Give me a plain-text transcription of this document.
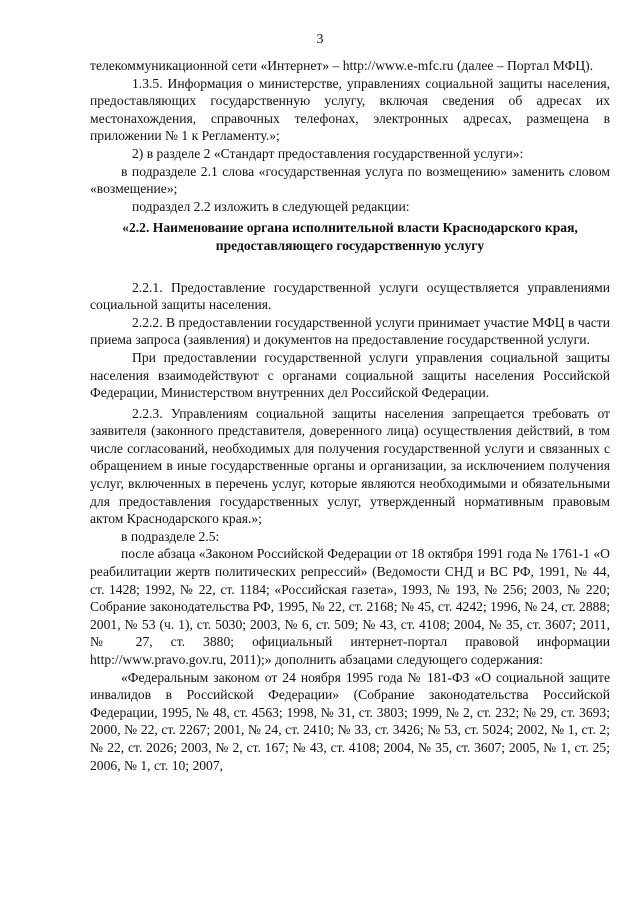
3

телекоммуникационной сети «Интернет» – http://www.e-mfc.ru (далее – Портал МФЦ).

1.3.5. Информация о министерстве, управлениях социальной защиты населения, предоставляющих государственную услугу, включая сведения об адресах их местонахождения, справочных телефонах, электронных адресах, размещена в приложении № 1 к Регламенту.»;

2) в разделе 2 «Стандарт предоставления государственной услуги»:

в подразделе 2.1 слова «государственная услуга по возмещению» заменить словом «возмещение»;

подраздел 2.2 изложить в следующей редакции:

«2.2. Наименование органа исполнительной власти Краснодарского края, предоставляющего государственную услугу

2.2.1. Предоставление государственной услуги осуществляется управлениями социальной защиты населения.

2.2.2. В предоставлении государственной услуги принимает участие МФЦ в части приема запроса (заявления) и документов на предоставление государственной услуги.

При предоставлении государственной услуги управления социальной защиты населения взаимодействуют с органами социальной защиты населения Российской Федерации, Министерством внутренних дел Российской Федерации.

2.2.3. Управлениям социальной защиты населения запрещается требовать от заявителя (законного представителя, доверенного лица) осуществления действий, в том числе согласований, необходимых для получения государственной услуги и связанных с обращением в иные государственные органы и организации, за исключением получения услуг, включенных в перечень услуг, которые являются необходимыми и обязательными для предоставления государственных услуг, утвержденный нормативным правовым актом Краснодарского края.»;

в подразделе 2.5:

после абзаца «Законом Российской Федерации от 18 октября 1991 года № 1761-1 «О реабилитации жертв политических репрессий» (Ведомости СНД и ВС РФ, 1991, № 44, ст. 1428; 1992, № 22, ст. 1184; «Российская газета», 1993, № 193, № 256; 2003, № 220; Собрание законодательства РФ, 1995, № 22, ст. 2168; № 45, ст. 4242; 1996, № 24, ст. 2888; 2001, № 53 (ч. 1), ст. 5030; 2003, № 6, ст. 509; № 43, ст. 4108; 2004, № 35, ст. 3607; 2011, № 27, ст. 3880; официальный интернет-портал правовой информации http://www.pravo.gov.ru, 2011);» дополнить абзацами следующего содержания:

«Федеральным законом от 24 ноября 1995 года № 181-ФЗ «О социальной защите инвалидов в Российской Федерации» (Собрание законодательства Российской Федерации, 1995, № 48, ст. 4563; 1998, № 31, ст. 3803; 1999, № 2, ст. 232; № 29, ст. 3693; 2000, № 22, ст. 2267; 2001, № 24, ст. 2410; № 33, ст. 3426; № 53, ст. 5024; 2002, № 1, ст. 2; № 22, ст. 2026; 2003, № 2, ст. 167; № 43, ст. 4108; 2004, № 35, ст. 3607; 2005, № 1, ст. 25; 2006, № 1, ст. 10; 2007,
